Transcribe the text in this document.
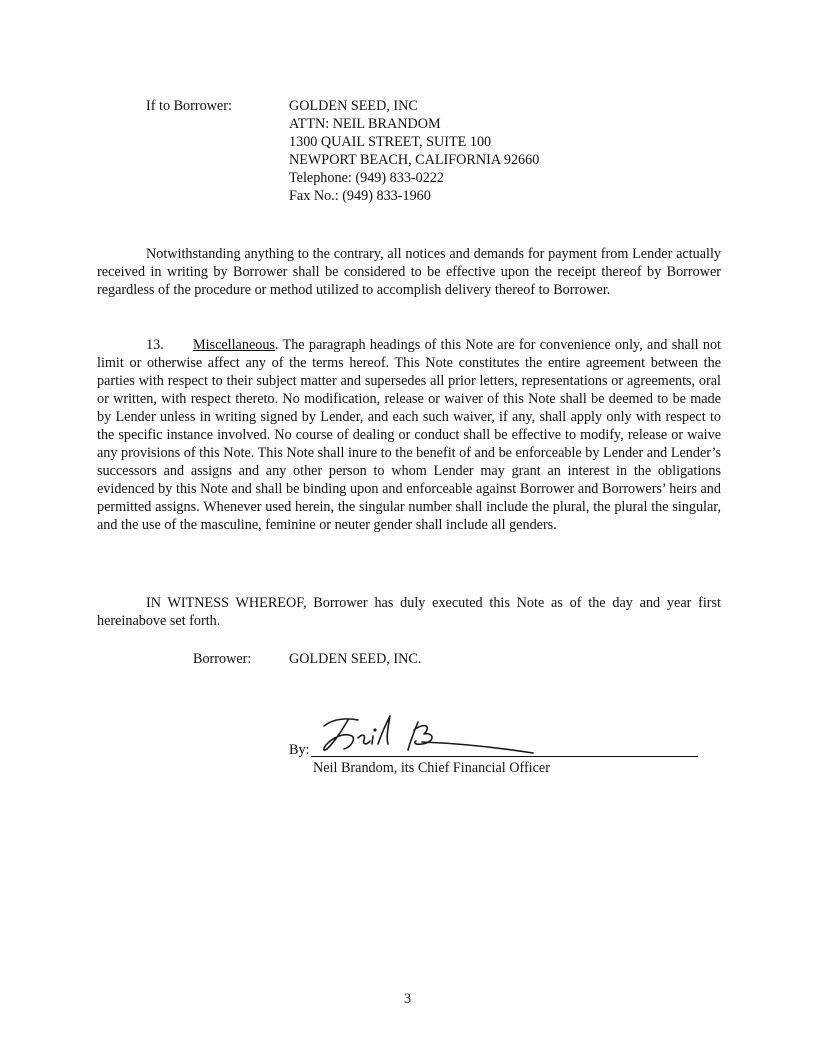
If to Borrower:	GOLDEN SEED, INC
ATTN: NEIL BRANDOM
1300 QUAIL STREET, SUITE 100
NEWPORT BEACH, CALIFORNIA 92660
Telephone: (949) 833-0222
Fax No.: (949) 833-1960

Notwithstanding anything to the contrary, all notices and demands for payment from Lender actually received in writing by Borrower shall be considered to be effective upon the receipt thereof by Borrower regardless of the procedure or method utilized to accomplish delivery thereof to Borrower.

13. Miscellaneous. The paragraph headings of this Note are for convenience only, and shall not limit or otherwise affect any of the terms hereof. This Note constitutes the entire agreement between the parties with respect to their subject matter and supersedes all prior letters, representations or agreements, oral or written, with respect thereto. No modification, release or waiver of this Note shall be deemed to be made by Lender unless in writing signed by Lender, and each such waiver, if any, shall apply only with respect to the specific instance involved. No course of dealing or conduct shall be effective to modify, release or waive any provisions of this Note. This Note shall inure to the benefit of and be enforceable by Lender and Lender’s successors and assigns and any other person to whom Lender may grant an interest in the obligations evidenced by this Note and shall be binding upon and enforceable against Borrower and Borrowers’ heirs and permitted assigns. Whenever used herein, the singular number shall include the plural, the plural the singular, and the use of the masculine, feminine or neuter gender shall include all genders.

IN WITNESS WHEREOF, Borrower has duly executed this Note as of the day and year first hereinabove set forth.

Borrower:	GOLDEN SEED, INC.
By:
Neil Brandom, its Chief Financial Officer
3
